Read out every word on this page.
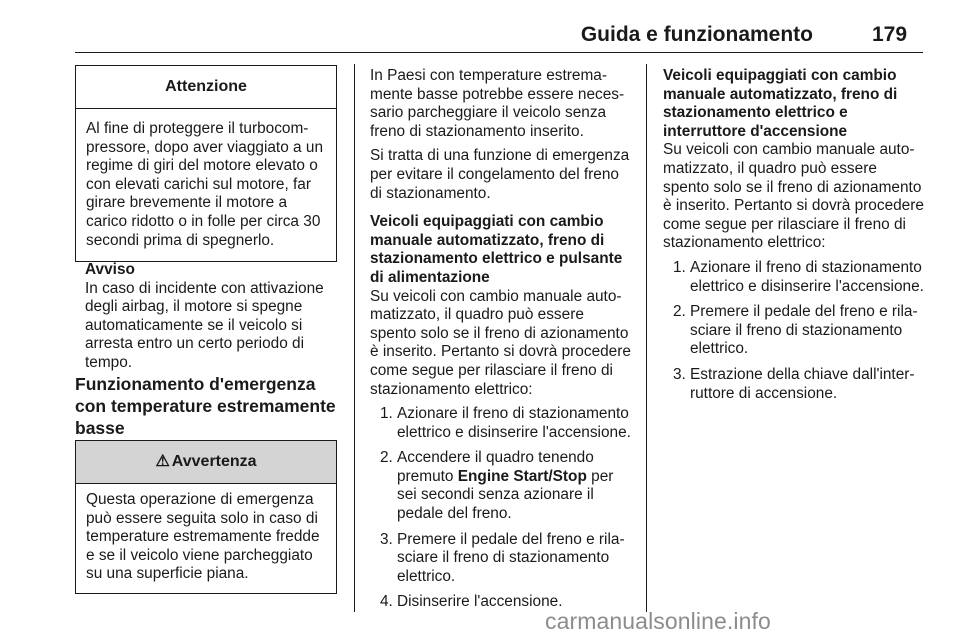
Guida e funzionamento	179
Attenzione

Al fine di proteggere il turbocompressore, dopo aver viaggiato a un regime di giri del motore elevato o con elevati carichi sul motore, far girare brevemente il motore a carico ridotto o in folle per circa 30 secondi prima di spegnerlo.

Avviso

In caso di incidente con attivazione degli airbag, il motore si spegne automaticamente se il veicolo si arresta entro un certo periodo di tempo.

Funzionamento d'emergenza con temperature estremamente basse
⚠ Avvertenza

Questa operazione di emergenza può essere seguita solo in caso di temperature estremamente fredde e se il veicolo viene parcheggiato su una superficie piana.

In Paesi con temperature estremamente basse potrebbe essere necessario parcheggiare il veicolo senza freno di stazionamento inserito.

Si tratta di una funzione di emergenza per evitare il congelamento del freno di stazionamento.

Veicoli equipaggiati con cambio manuale automatizzato, freno di stazionamento elettrico e pulsante di alimentazione

Su veicoli con cambio manuale automatizzato, il quadro può essere spento solo se il freno di azionamento è inserito. Pertanto si dovrà procedere come segue per rilasciare il freno di stazionamento elettrico:

1. Azionare il freno di stazionamento elettrico e disinserire l'accensione.
2. Accendere il quadro tenendo premuto Engine Start/Stop per sei secondi senza azionare il pedale del freno.
3. Premere il pedale del freno e rilasciare il freno di stazionamento elettrico.
4. Disinserire l'accensione.

Veicoli equipaggiati con cambio manuale automatizzato, freno di stazionamento elettrico e interruttore d'accensione

Su veicoli con cambio manuale automatizzato, il quadro può essere spento solo se il freno di azionamento è inserito. Pertanto si dovrà procedere come segue per rilasciare il freno di stazionamento elettrico:

1. Azionare il freno di stazionamento elettrico e disinserire l'accensione.
2. Premere il pedale del freno e rilasciare il freno di stazionamento elettrico.
3. Estrazione della chiave dall'interruttore di accensione.
carmanualsonline.info
